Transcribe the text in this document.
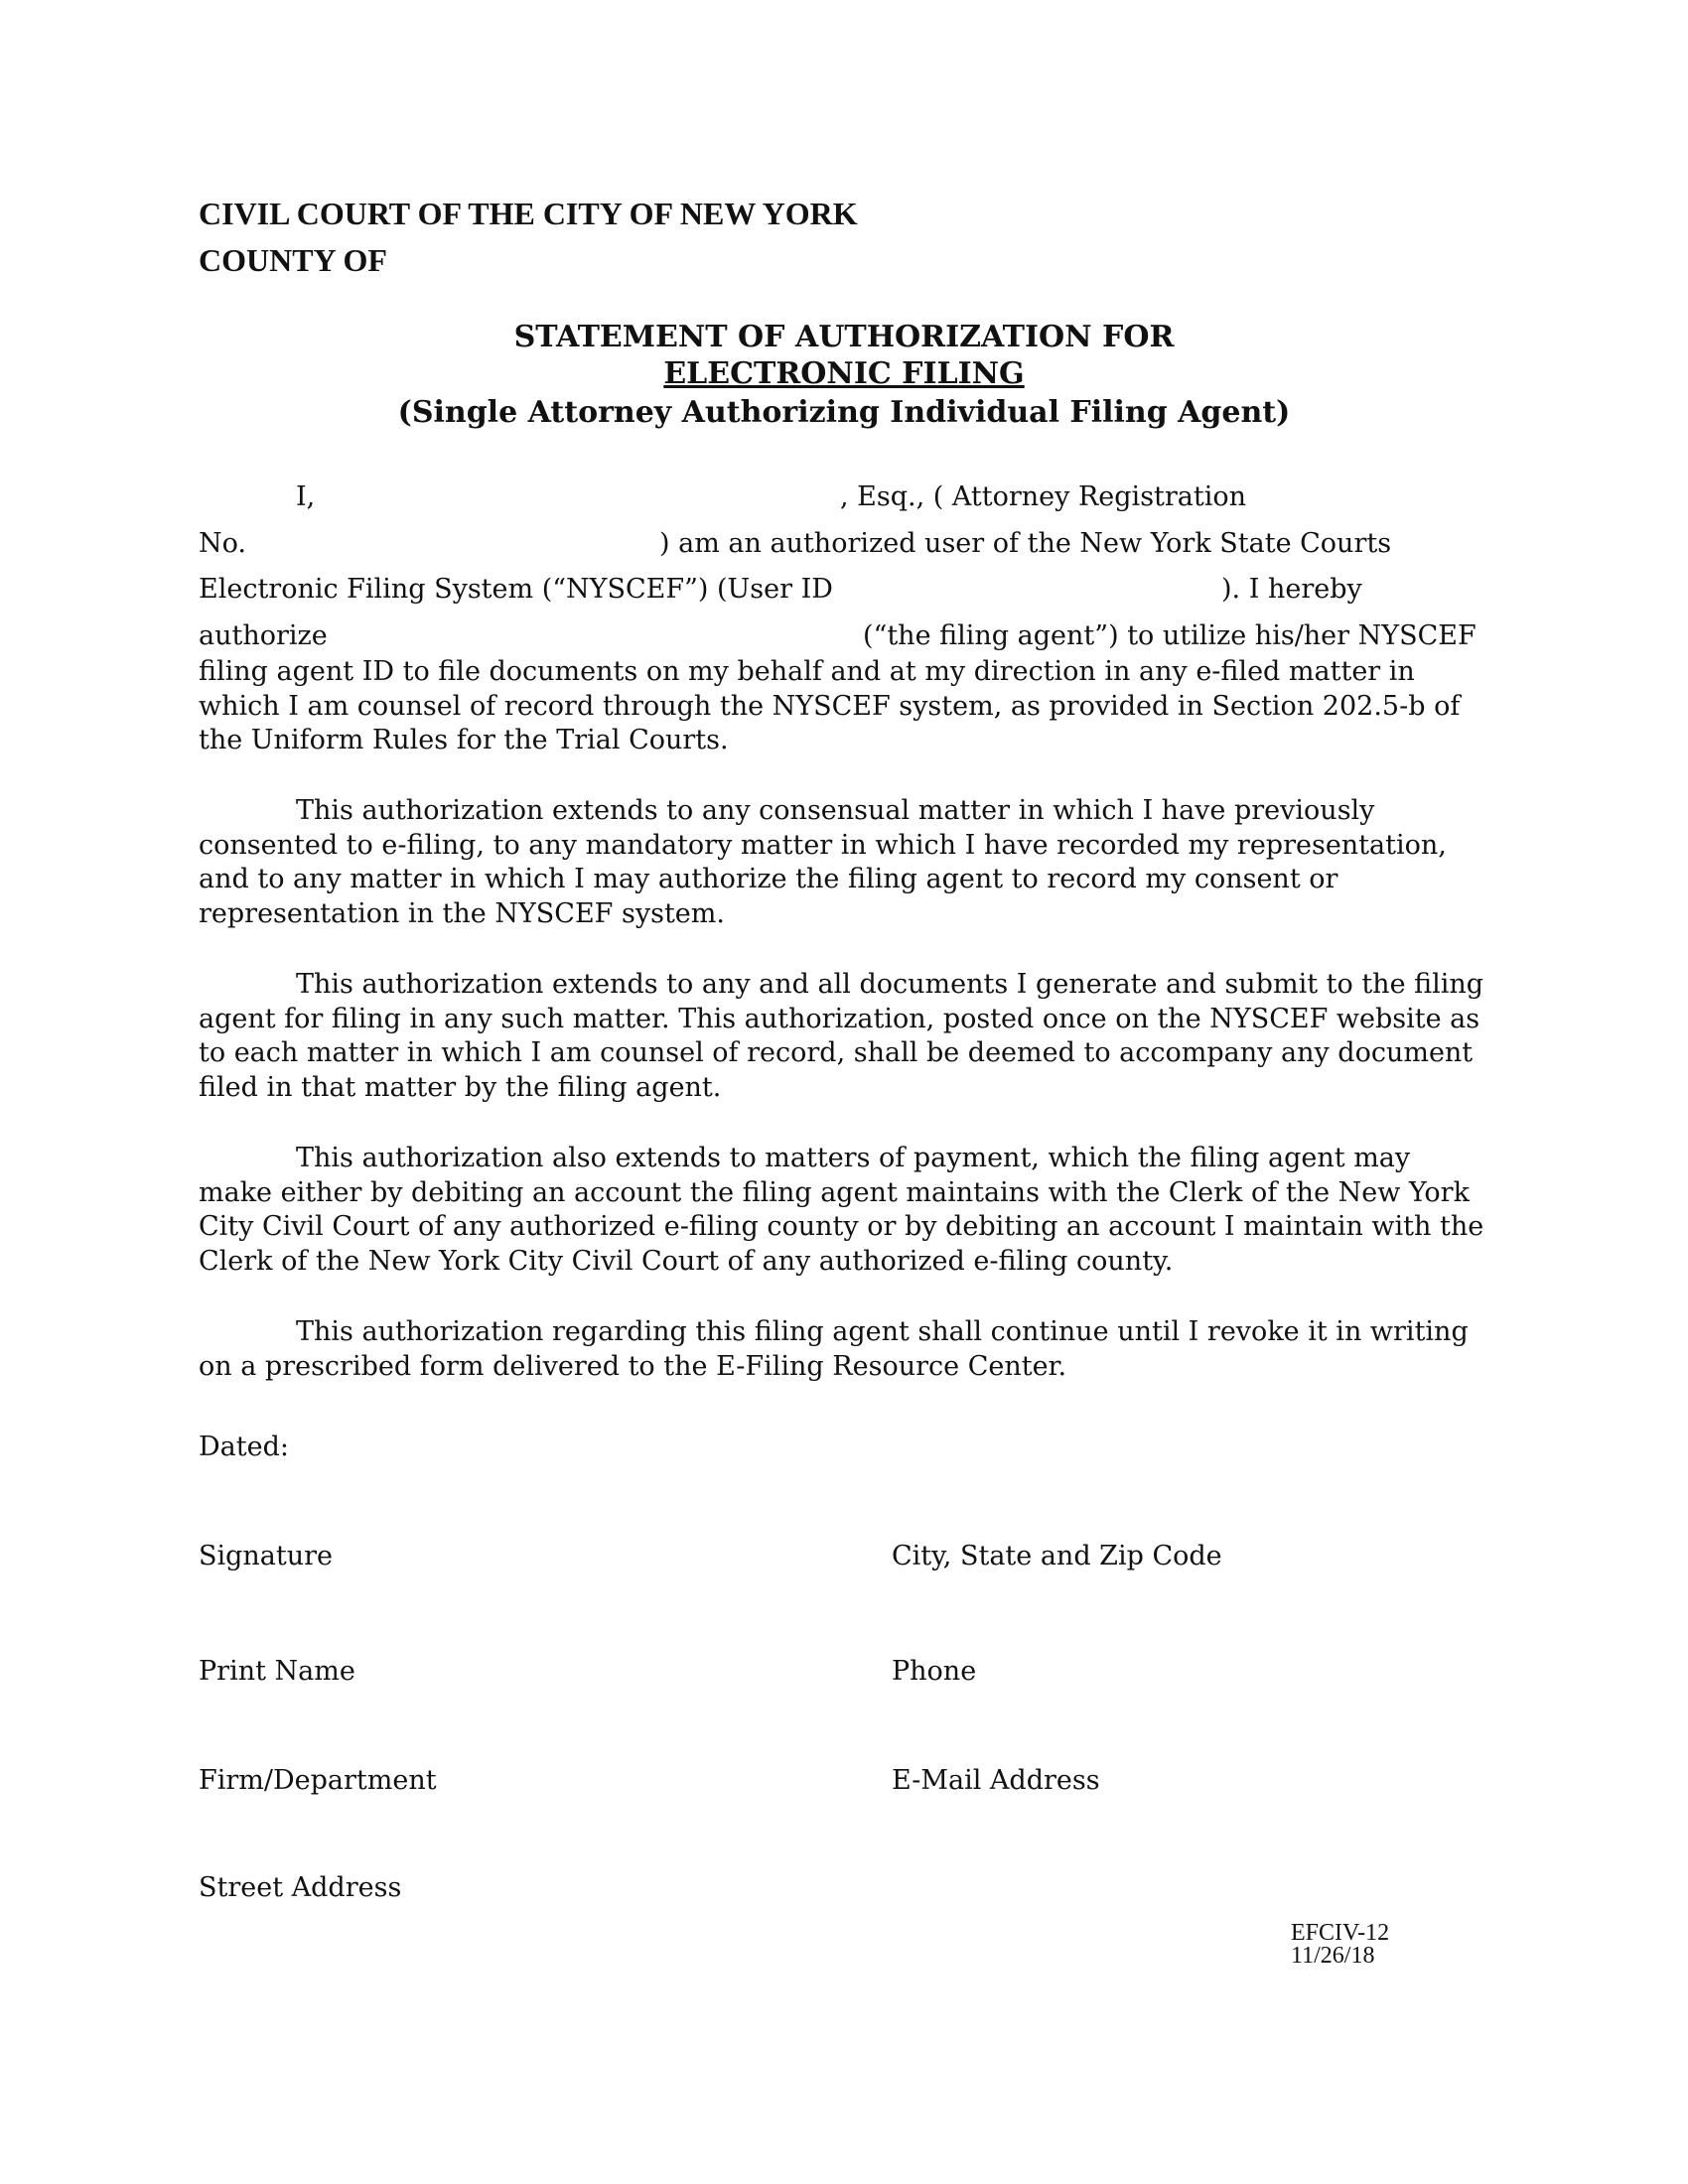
CIVIL COURT OF THE CITY OF NEW YORK
COUNTY OF
STATEMENT OF AUTHORIZATION FOR
ELECTRONIC FILING
(Single Attorney Authorizing Individual Filing Agent)
I,	, Esq., ( Attorney Registration
No.	) am an authorized user of the New York State Courts
Electronic Filing System (“NYSCEF”) (User ID	). I hereby
authorize	(“the filing agent”) to utilize his/her NYSCEF
filing agent ID to file documents on my behalf and at my direction in any e-filed matter in which I am counsel of record through the NYSCEF system, as provided in Section 202.5-b of the Uniform Rules for the Trial Courts.
This authorization extends to any consensual matter in which I have previously consented to e-filing, to any mandatory matter in which I have recorded my representation, and to any matter in which I may authorize the filing agent to record my consent or representation in the NYSCEF system.
This authorization extends to any and all documents I generate and submit to the filing agent for filing in any such matter. This authorization, posted once on the NYSCEF website as to each matter in which I am counsel of record, shall be deemed to accompany any document filed in that matter by the filing agent.
This authorization also extends to matters of payment, which the filing agent may make either by debiting an account the filing agent maintains with the Clerk of the New York City Civil Court of any authorized e-filing county or by debiting an account I maintain with the Clerk of the New York City Civil Court of any authorized e-filing county.
This authorization regarding this filing agent shall continue until I revoke it in writing on a prescribed form delivered to the E-Filing Resource Center.
Dated:
Signature	City, State and Zip Code
Print Name	Phone
Firm/Department	E-Mail Address
Street Address
EFCIV-12
11/26/18
